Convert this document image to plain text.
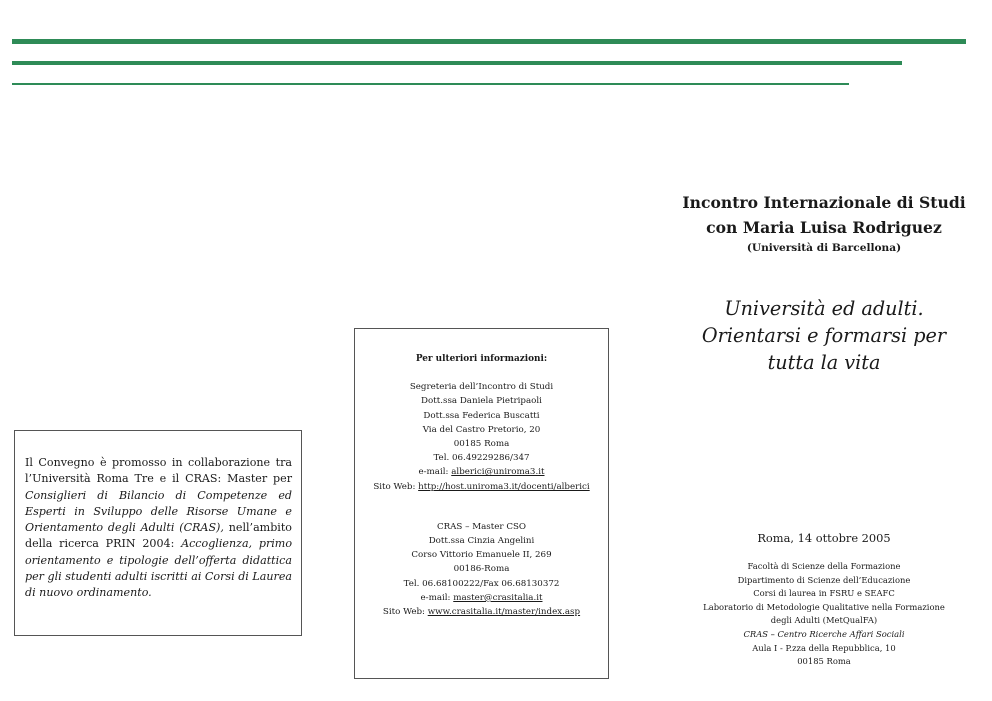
Il Convegno è promosso in collaborazione tra l’Università Roma Tre e il CRAS: Master per Consiglieri di Bilancio di Competenze ed Esperti in Sviluppo delle Risorse Umane e Orientamento degli Adulti (CRAS), nell’ambito della ricerca PRIN 2004: Accoglienza, primo orientamento e tipologie dell’offerta didattica per gli studenti adulti iscritti ai Corsi di Laurea di nuovo ordinamento.

Per ulteriori informazioni:

Segreteria dell’Incontro di Studi
Dott.ssa Daniela Pietripaoli
Dott.ssa Federica Buscatti
Via del Castro Pretorio, 20
00185 Roma
Tel. 06.49229286/347
e-mail: alberici@uniroma3.it
Sito Web: http://host.uniroma3.it/docenti/alberici

CRAS – Master CSO
Dott.ssa Cinzia Angelini
Corso Vittorio Emanuele II, 269
00186-Roma
Tel. 06.68100222/Fax 06.68130372
e-mail: master@crasitalia.it
Sito Web: www.crasitalia.it/master/index.asp

Incontro Internazionale di Studi
con Maria Luisa Rodriguez
(Università di Barcellona)
Università ed adulti.
Orientarsi e formarsi per
tutta la vita
Roma, 14 ottobre 2005
Facoltà di Scienze della Formazione
Dipartimento di Scienze dell’Educazione
Corsi di laurea in FSRU e SEAFC
Laboratorio di Metodologie Qualitative nella Formazione
degli Adulti (MetQualFA)
CRAS – Centro Ricerche Affari Sociali
Aula I - P.zza della Repubblica, 10
00185 Roma
